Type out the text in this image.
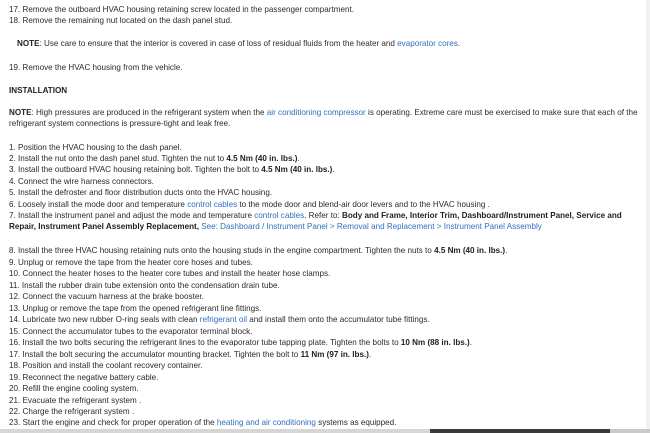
17. Remove the outboard HVAC housing retaining screw located in the passenger compartment.
18. Remove the remaining nut located on the dash panel stud.
NOTE: Use care to ensure that the interior is covered in case of loss of residual fluids from the heater and evaporator cores.
19. Remove the HVAC housing from the vehicle.
INSTALLATION
NOTE: High pressures are produced in the refrigerant system when the air conditioning compressor is operating. Extreme care must be exercised to make sure that each of the refrigerant system connections is pressure-tight and leak free.
1. Position the HVAC housing to the dash panel.
2. Install the nut onto the dash panel stud. Tighten the nut to 4.5 Nm (40 in. lbs.).
3. Install the outboard HVAC housing retaining bolt. Tighten the bolt to 4.5 Nm (40 in. lbs.).
4. Connect the wire harness connectors.
5. Install the defroster and floor distribution ducts onto the HVAC housing.
6. Loosely install the mode door and temperature control cables to the mode door and blend-air door levers and to the HVAC housing .
7. Install the instrument panel and adjust the mode and temperature control cables. Refer to: Body and Frame, Interior Trim, Dashboard/Instrument Panel, Service and Repair, Instrument Panel Assembly Replacement, See: Dashboard / Instrument Panel > Removal and Replacement > Instrument Panel Assembly
8. Install the three HVAC housing retaining nuts onto the housing studs in the engine compartment. Tighten the nuts to 4.5 Nm (40 in. lbs.).
9. Unplug or remove the tape from the heater core hoses and tubes.
10. Connect the heater hoses to the heater core tubes and install the heater hose clamps.
11. Install the rubber drain tube extension onto the condensation drain tube.
12. Connect the vacuum harness at the brake booster.
13. Unplug or remove the tape from the opened refrigerant line fittings.
14. Lubricate two new rubber O-ring seals with clean refrigerant oil and install them onto the accumulator tube fittings.
15. Connect the accumulator tubes to the evaporator terminal block.
16. Install the two bolts securing the refrigerant lines to the evaporator tube tapping plate. Tighten the bolts to 10 Nm (88 in. lbs.).
17. Install the bolt securing the accumulator mounting bracket. Tighten the bolt to 11 Nm (97 in. lbs.).
18. Position and install the coolant recovery container.
19. Reconnect the negative battery cable.
20. Refill the engine cooling system.
21. Evacuate the refrigerant system .
22. Charge the refrigerant system .
23. Start the engine and check for proper operation of the heating and air conditioning systems as equipped.
